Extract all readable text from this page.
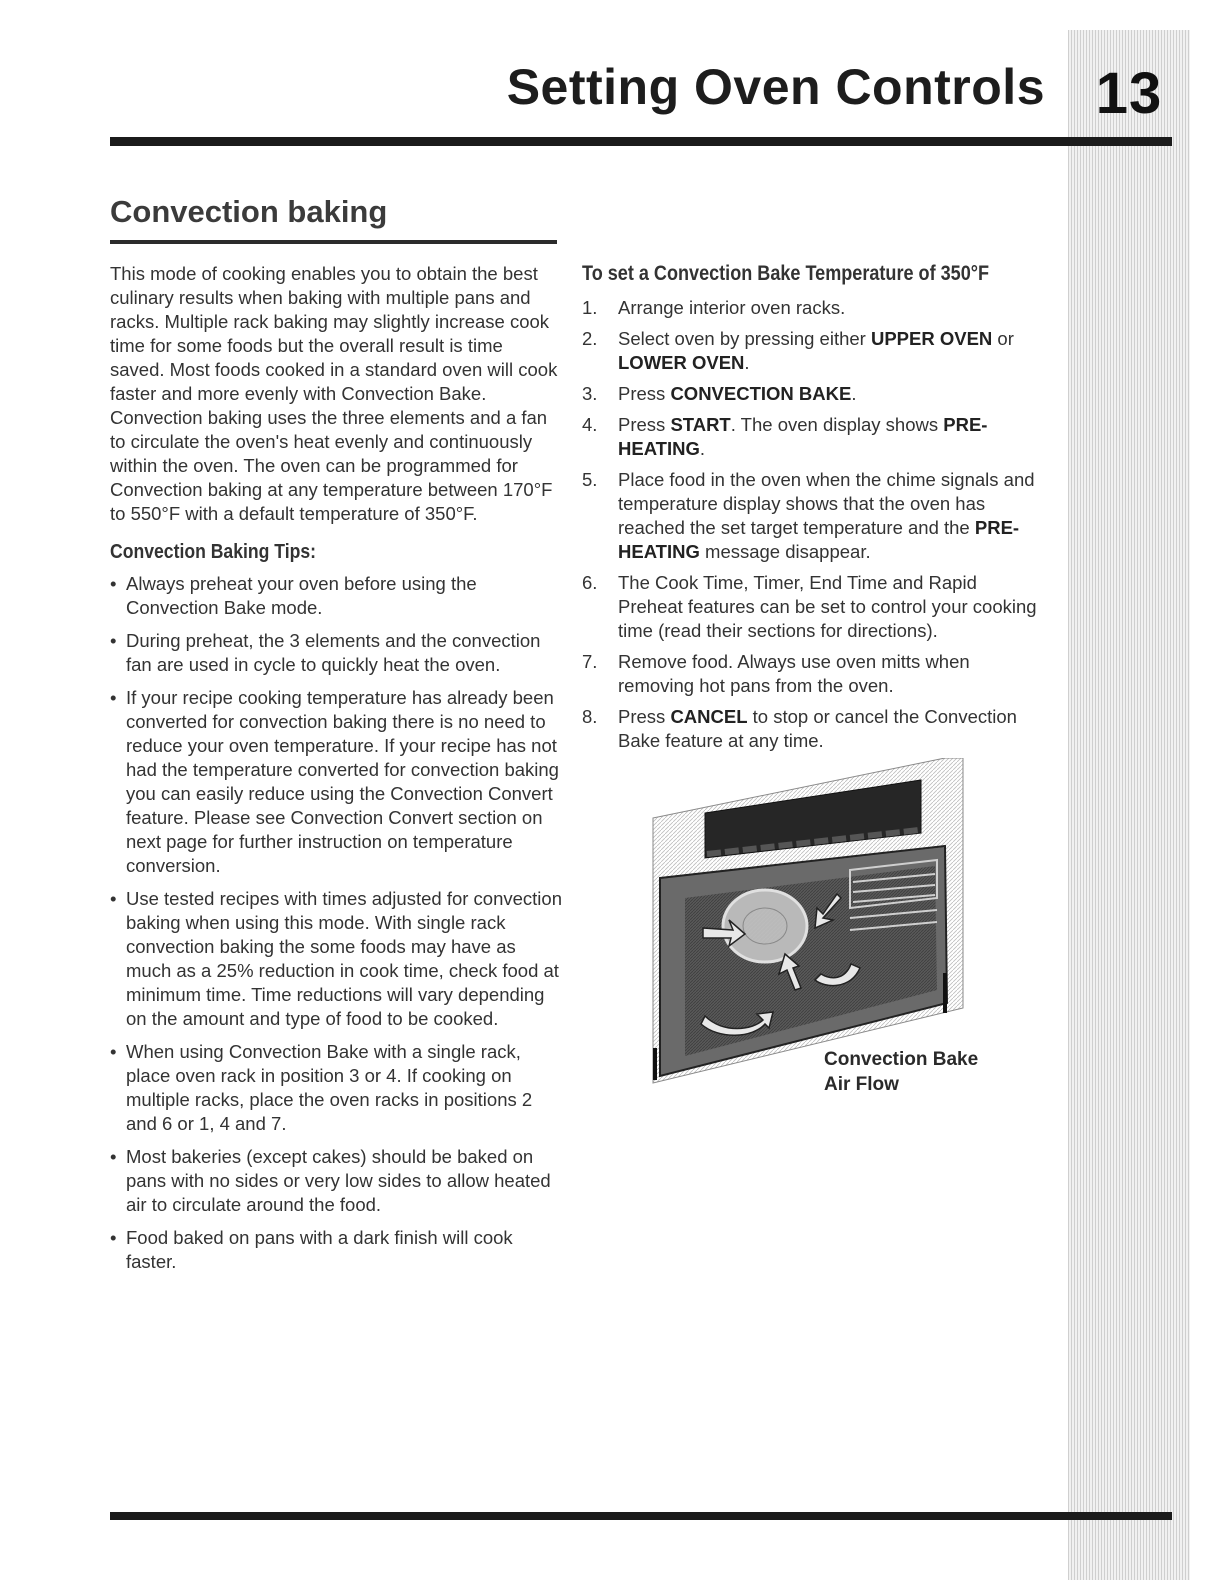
13
Setting Oven Controls
Convection baking

This mode of cooking enables you to obtain the best culinary results when baking with multiple pans and racks. Multiple rack baking may slightly increase cook time for some foods but the overall result is time saved. Most foods cooked in a standard oven will cook faster and more evenly with Convection Bake. Convection baking uses the three elements and a fan to circulate the oven's heat evenly and continuously within the oven. The oven can be programmed for Convection baking at any temperature between 170°F to 550°F with a default temperature of 350°F.

Convection Baking Tips:
• Always preheat your oven before using the Convection Bake mode.
• During preheat, the 3 elements and the convection fan are used in cycle to quickly heat the oven.
• If your recipe cooking temperature has already been converted for convection baking there is no need to reduce your oven temperature. If your recipe has not had the temperature converted for convection baking you can easily reduce using the Convection Convert feature. Please see Convection Convert section on next page for further instruction on temperature conversion.
• Use tested recipes with times adjusted for convection baking when using this mode. With single rack convection baking the some foods may have as much as a 25% reduction in cook time, check food at minimum time. Time reductions will vary depending on the amount and type of food to be cooked.
• When using Convection Bake with a single rack, place oven rack in position 3 or 4. If cooking on multiple racks, place the oven racks in positions 2 and 6 or 1, 4 and 7.
• Most bakeries (except cakes) should be baked on pans with no sides or very low sides to allow heated air to circulate around the food.
• Food baked on pans with a dark finish will cook faster.
To set a Convection Bake Temperature of 350°F
1. Arrange interior oven racks.
2. Select oven by pressing either UPPER OVEN or LOWER OVEN.
3. Press CONVECTION BAKE.
4. Press START. The oven display shows PRE-HEATING.
5. Place food in the oven when the chime signals and temperature display shows that the oven has reached the set target temperature and the PRE-HEATING message disappear.
6. The Cook Time, Timer, End Time and Rapid Preheat features can be set to control your cooking time (read their sections for directions).
7. Remove food. Always use oven mitts when removing hot pans from the oven.
8. Press CANCEL to stop or cancel the Convection Bake feature at any time.

Convection Bake
Air Flow
